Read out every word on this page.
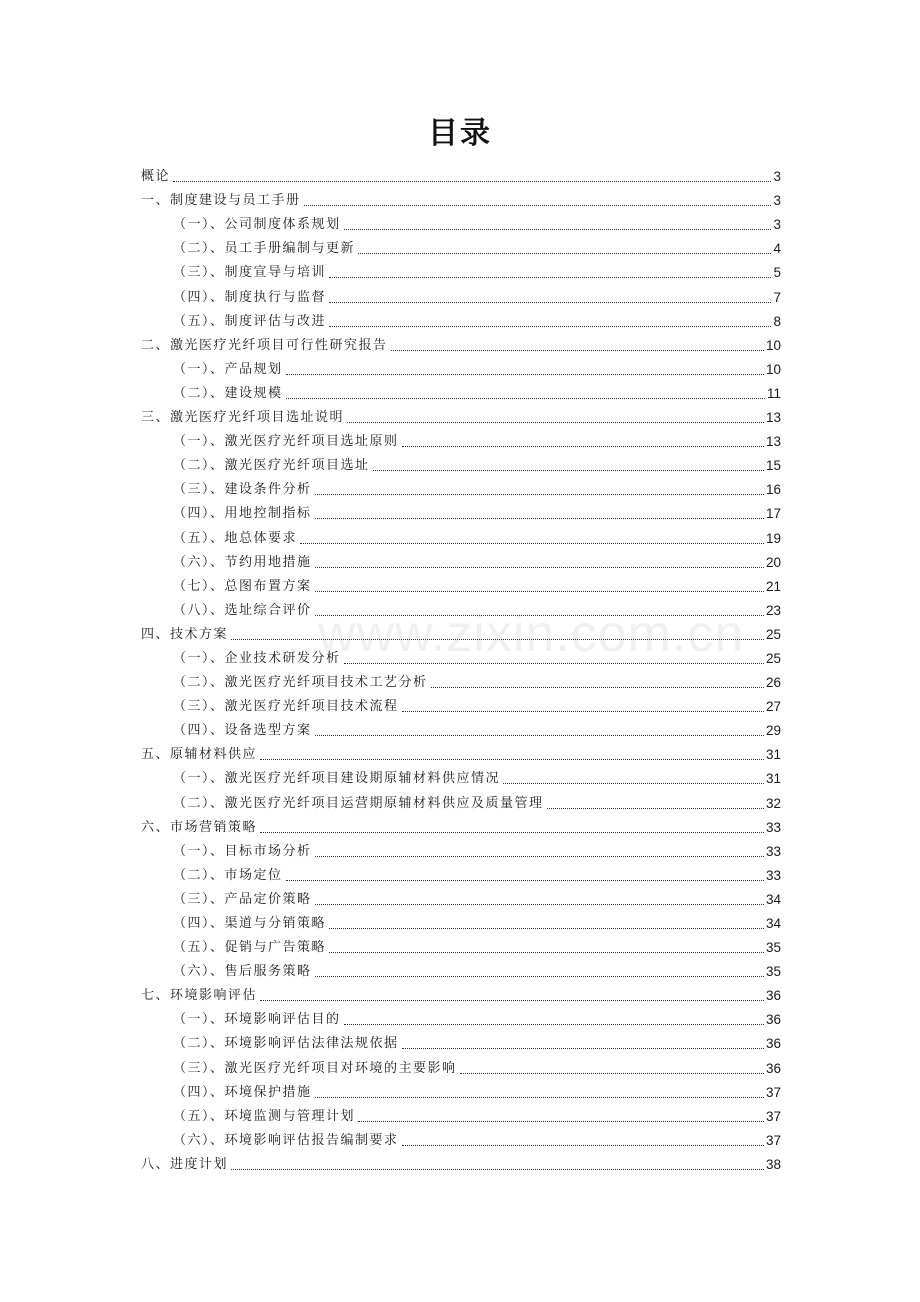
目录
www.zixin.com.cn
概论	3
一、制度建设与员工手册	3
（一）、公司制度体系规划	3
（二）、员工手册编制与更新	4
（三）、制度宣导与培训	5
（四）、制度执行与监督	7
（五）、制度评估与改进	8
二、激光医疗光纤项目可行性研究报告	10
（一）、产品规划	10
（二）、建设规模	11
三、激光医疗光纤项目选址说明	13
（一）、激光医疗光纤项目选址原则	13
（二）、激光医疗光纤项目选址	15
（三）、建设条件分析	16
（四）、用地控制指标	17
（五）、地总体要求	19
（六）、节约用地措施	20
（七）、总图布置方案	21
（八）、选址综合评价	23
四、技术方案	25
（一）、企业技术研发分析	25
（二）、激光医疗光纤项目技术工艺分析	26
（三）、激光医疗光纤项目技术流程	27
（四）、设备选型方案	29
五、原辅材料供应	31
（一）、激光医疗光纤项目建设期原辅材料供应情况	31
（二）、激光医疗光纤项目运营期原辅材料供应及质量管理	32
六、市场营销策略	33
（一）、目标市场分析	33
（二）、市场定位	33
（三）、产品定价策略	34
（四）、渠道与分销策略	34
（五）、促销与广告策略	35
（六）、售后服务策略	35
七、环境影响评估	36
（一）、环境影响评估目的	36
（二）、环境影响评估法律法规依据	36
（三）、激光医疗光纤项目对环境的主要影响	36
（四）、环境保护措施	37
（五）、环境监测与管理计划	37
（六）、环境影响评估报告编制要求	37
八、进度计划	38
